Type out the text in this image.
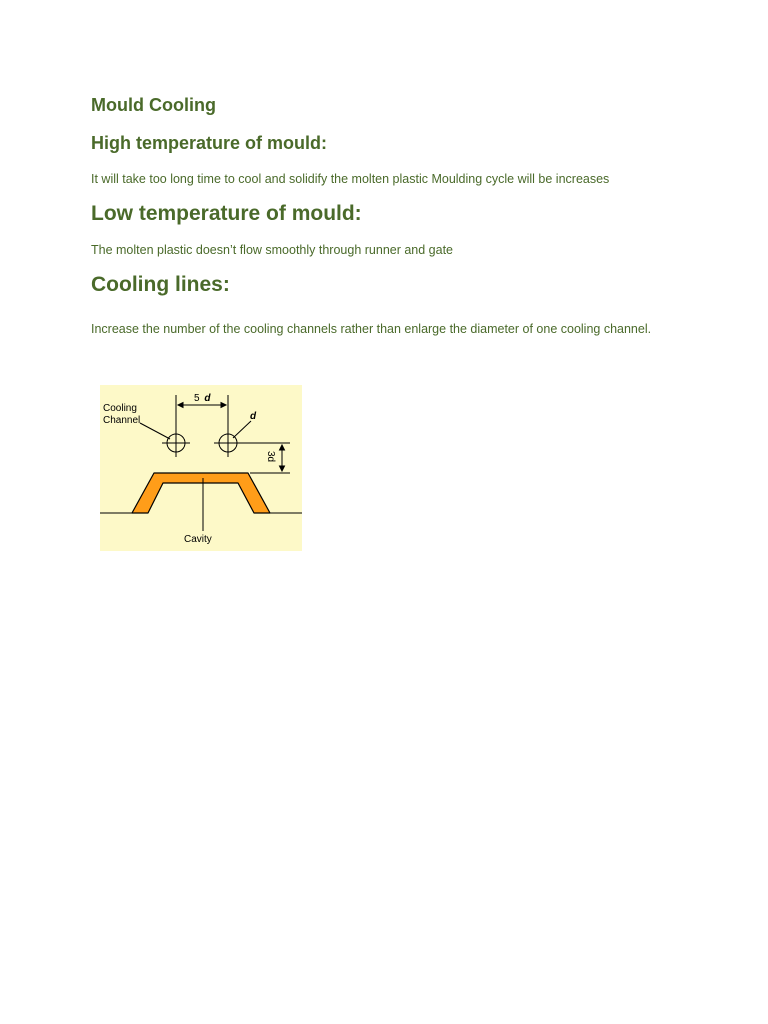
Mould Cooling
High temperature of mould:

It will take too long time to cool and solidify the molten plastic Moulding cycle will be increases

Low temperature of mould:

The molten plastic doesn’t flow smoothly through runner and gate

Cooling lines:

Increase the number of the cooling channels rather than enlarge the diameter of one cooling channel.

5 d
d
3d
Cooling
Channel
Cavity
